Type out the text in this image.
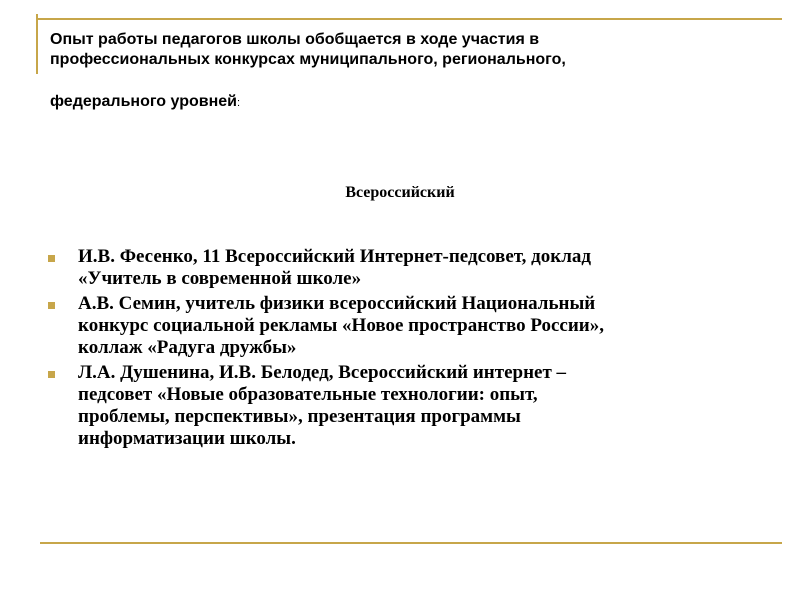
Опыт работы педагогов школы обобщается в ходе участия в
профессиональных конкурсах муниципального, регионального,
федерального уровней:
Всероссийский
И.В. Фесенко, 11 Всероссийский Интернет-педсовет, доклад
«Учитель в современной школе»
А.В. Семин, учитель физики всероссийский Национальный
конкурс социальной рекламы «Новое пространство России»,
коллаж «Радуга дружбы»
Л.А. Душенина, И.В. Белодед, Всероссийский интернет –
педсовет «Новые образовательные технологии: опыт,
проблемы, перспективы», презентация программы
информатизации школы.
